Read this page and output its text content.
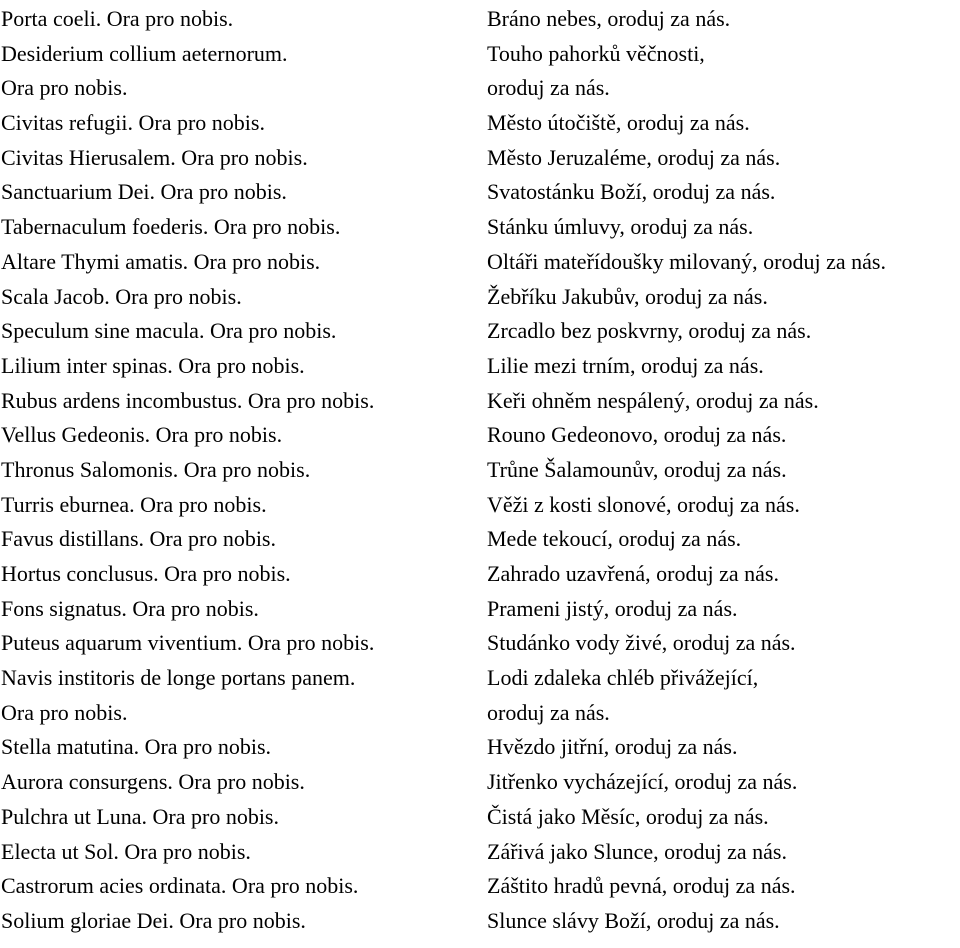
Porta coeli. Ora pro nobis.
Desiderium collium aeternorum.
Ora pro nobis.
Civitas refugii. Ora pro nobis.
Civitas Hierusalem. Ora pro nobis.
Sanctuarium Dei. Ora pro nobis.
Tabernaculum foederis. Ora pro nobis.
Altare Thymi amatis. Ora pro nobis.
Scala Jacob. Ora pro nobis.
Speculum sine macula. Ora pro nobis.
Lilium inter spinas. Ora pro nobis.
Rubus ardens incombustus. Ora pro nobis.
Vellus Gedeonis. Ora pro nobis.
Thronus Salomonis. Ora pro nobis.
Turris eburnea. Ora pro nobis.
Favus distillans. Ora pro nobis.
Hortus conclusus. Ora pro nobis.
Fons signatus. Ora pro nobis.
Puteus aquarum viventium. Ora pro nobis.
Navis institoris de longe portans panem.
Ora pro nobis.
Stella matutina. Ora pro nobis.
Aurora consurgens. Ora pro nobis.
Pulchra ut Luna. Ora pro nobis.
Electa ut Sol. Ora pro nobis.
Castrorum acies ordinata. Ora pro nobis.
Solium gloriae Dei. Ora pro nobis.
Bráno nebes, oroduj za nás.
Touho pahorků věčnosti,
oroduj za nás.
Město útočiště, oroduj za nás.
Město Jeruzaléme, oroduj za nás.
Svatostánku Boží, oroduj za nás.
Stánku úmluvy, oroduj za nás.
Oltáři mateřídoušky milovaný, oroduj za nás.
Žebříku Jakubův, oroduj za nás.
Zrcadlo bez poskvrny, oroduj za nás.
Lilie mezi trním, oroduj za nás.
Keři ohněm nespálený, oroduj za nás.
Rouno Gedeonovo, oroduj za nás.
Trůne Šalamounův, oroduj za nás.
Věži z kosti slonové, oroduj za nás.
Mede tekoucí, oroduj za nás.
Zahrado uzavřená, oroduj za nás.
Prameni jistý, oroduj za nás.
Studánko vody živé, oroduj za nás.
Lodi zdaleka chléb přivážející,
oroduj za nás.
Hvězdo jitřní, oroduj za nás.
Jitřenko vycházející, oroduj za nás.
Čistá jako Měsíc, oroduj za nás.
Zářivá jako Slunce, oroduj za nás.
Záštito hradů pevná, oroduj za nás.
Slunce slávy Boží, oroduj za nás.
